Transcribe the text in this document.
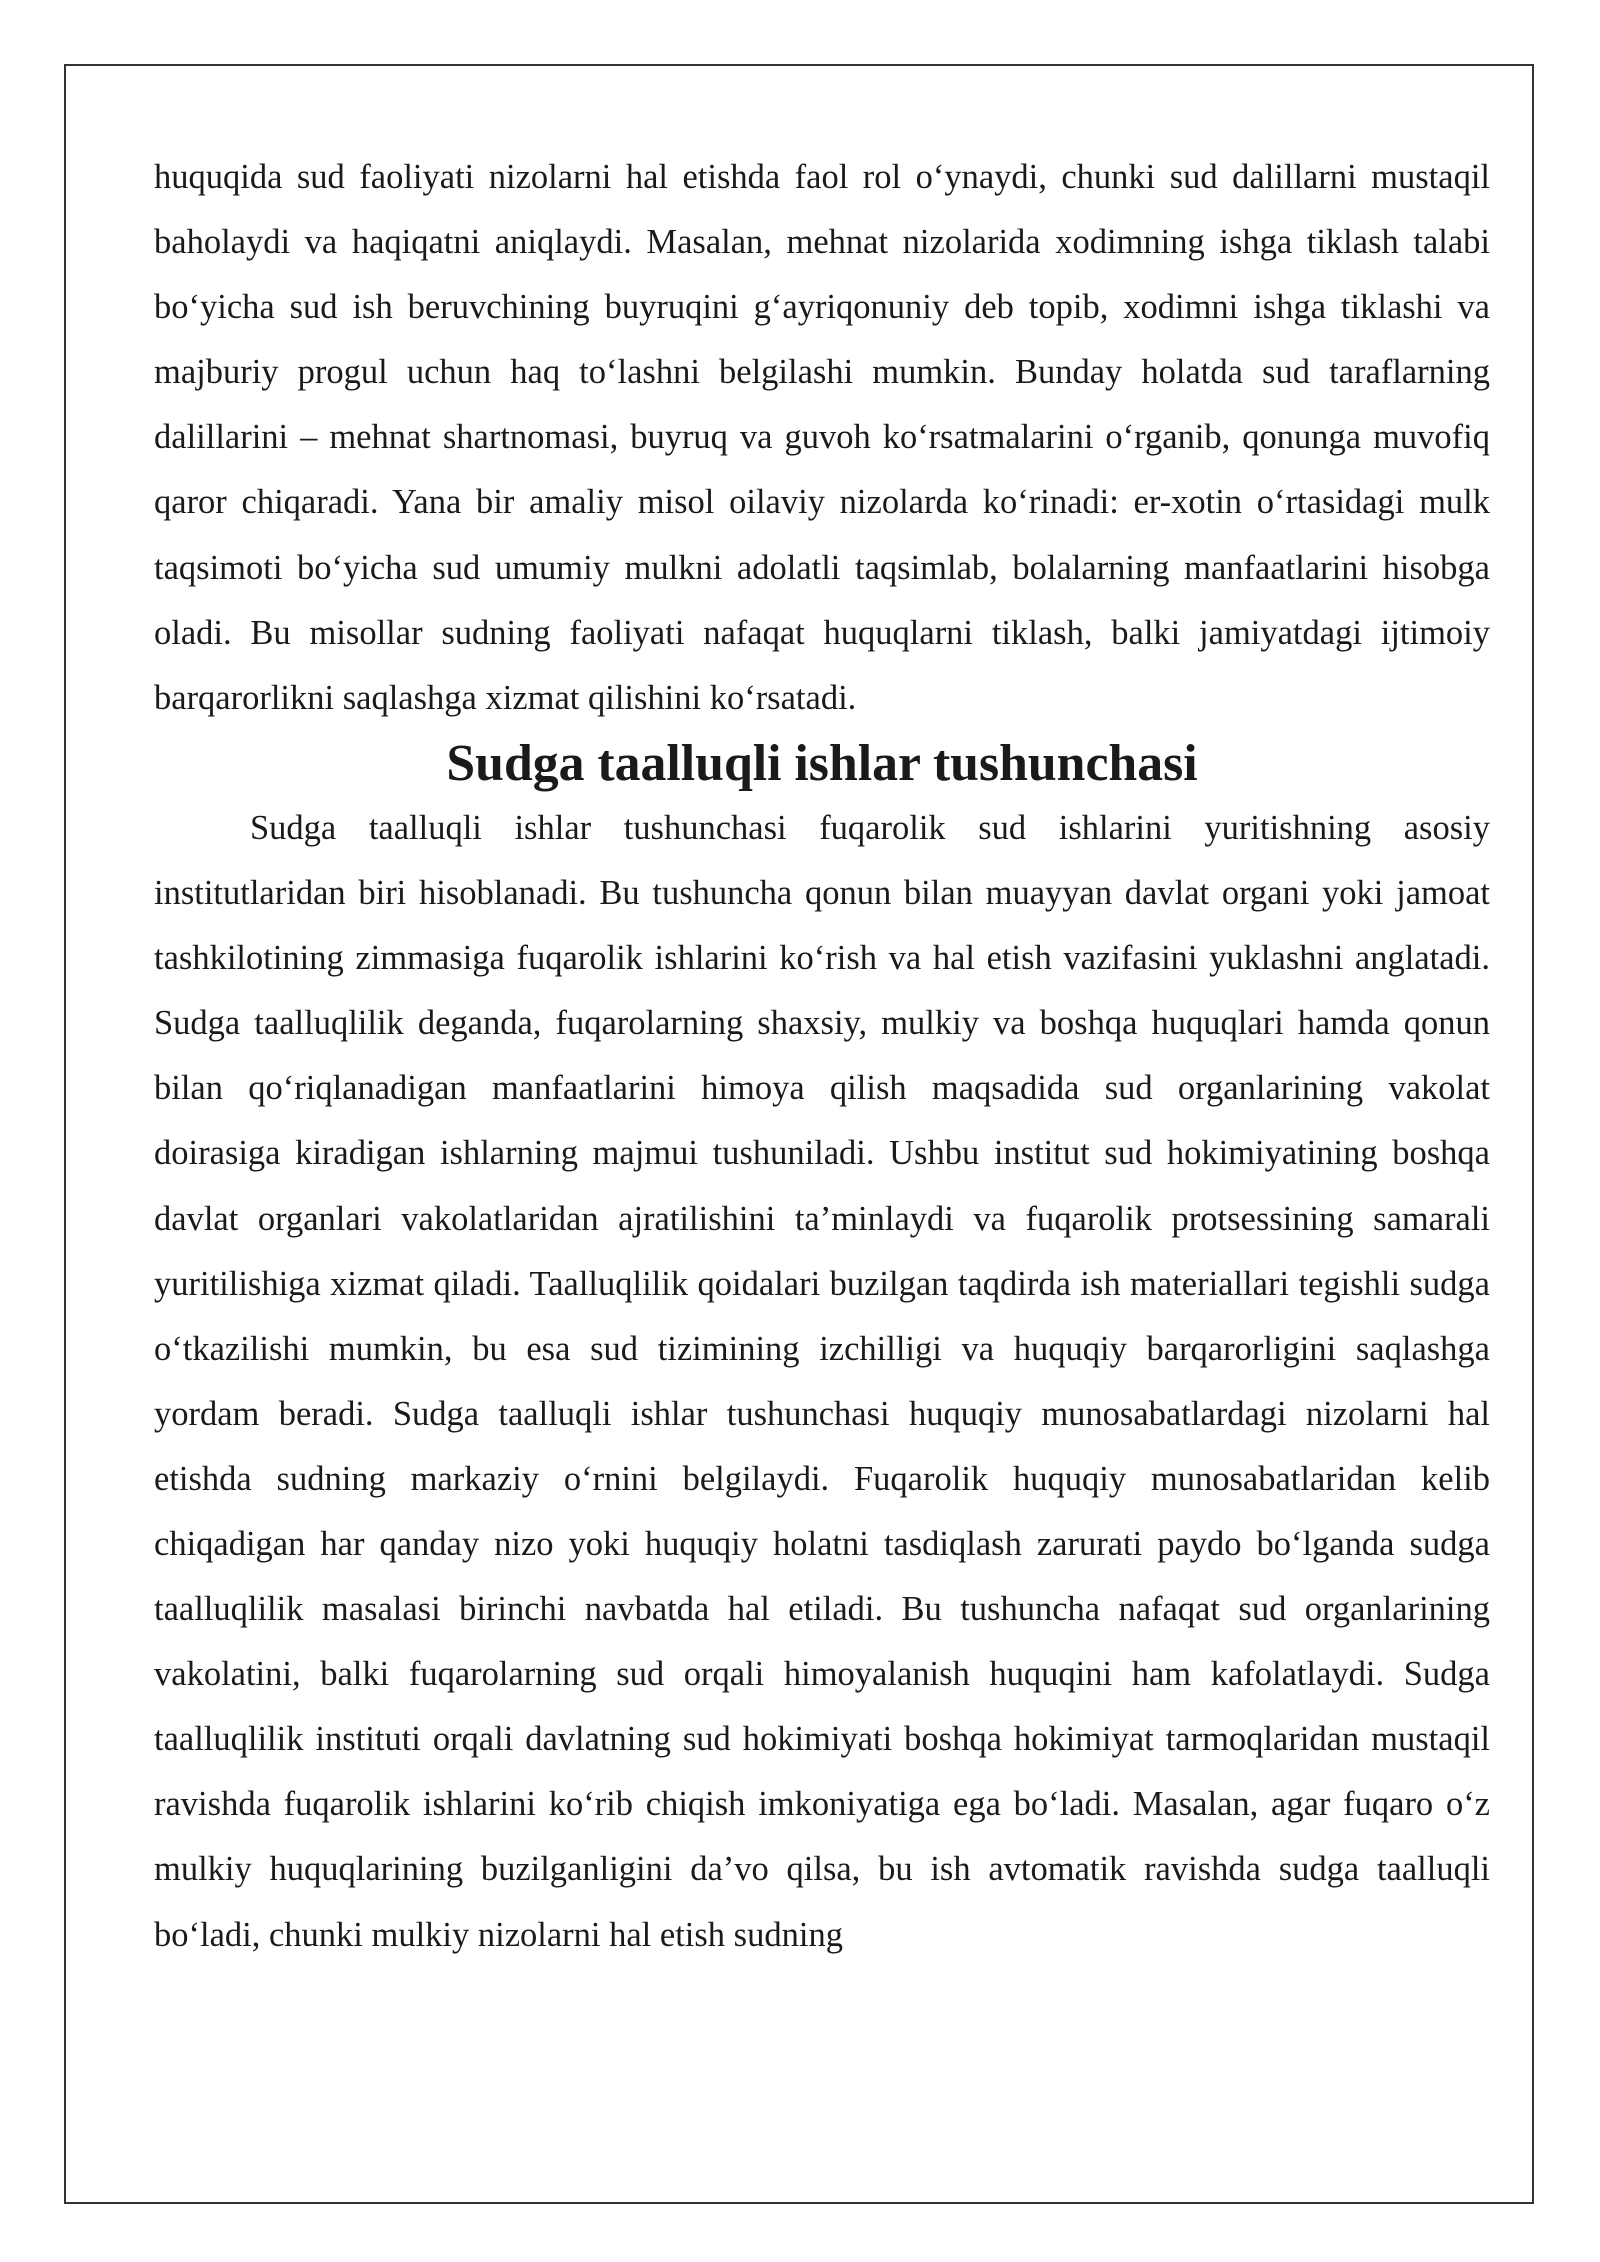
huquqida sud faoliyati nizolarni hal etishda faol rol o‘ynaydi, chunki sud dalillarni mustaqil baholaydi va haqiqatni aniqlaydi. Masalan, mehnat nizolarida xodimning ishga tiklash talabi bo‘yicha sud ish beruvchining buyruqini g‘ayriqonuniy deb topib, xodimni ishga tiklashi va majburiy progul uchun haq to‘lashni belgilashi mumkin. Bunday holatda sud taraflarning dalillarini – mehnat shartnomasi, buyruq va guvoh ko‘rsatmalarini o‘rganib, qonunga muvofiq qaror chiqaradi. Yana bir amaliy misol oilaviy nizolarda ko‘rinadi: er-xotin o‘rtasidagi mulk taqsimoti bo‘yicha sud umumiy mulkni adolatli taqsimlab, bolalarning manfaatlarini hisobga oladi. Bu misollar sudning faoliyati nafaqat huquqlarni tiklash, balki jamiyatdagi ijtimoiy barqarorlikni saqlashga xizmat qilishini ko‘rsatadi.

Sudga taalluqli ishlar tushunchasi

Sudga taalluqli ishlar tushunchasi fuqarolik sud ishlarini yuritishning asosiy institutlaridan biri hisoblanadi. Bu tushuncha qonun bilan muayyan davlat organi yoki jamoat tashkilotining zimmasiga fuqarolik ishlarini ko‘rish va hal etish vazifasini yuklashni anglatadi. Sudga taalluqlilik deganda, fuqarolarning shaxsiy, mulkiy va boshqa huquqlari hamda qonun bilan qo‘riqlanadigan manfaatlarini himoya qilish maqsadida sud organlarining vakolat doirasiga kiradigan ishlarning majmui tushuniladi. Ushbu institut sud hokimiyatining boshqa davlat organlari vakolatlaridan ajratilishini ta’minlaydi va fuqarolik protsessining samarali yuritilishiga xizmat qiladi. Taalluqlilik qoidalari buzilgan taqdirda ish materiallari tegishli sudga o‘tkazilishi mumkin, bu esa sud tizimining izchilligi va huquqiy barqarorligini saqlashga yordam beradi. Sudga taalluqli ishlar tushunchasi huquqiy munosabatlardagi nizolarni hal etishda sudning markaziy o‘rnini belgilaydi. Fuqarolik huquqiy munosabatlaridan kelib chiqadigan har qanday nizo yoki huquqiy holatni tasdiqlash zarurati paydo bo‘lganda sudga taalluqlilik masalasi birinchi navbatda hal etiladi. Bu tushuncha nafaqat sud organlarining vakolatini, balki fuqarolarning sud orqali himoyalanish huquqini ham kafolatlaydi. Sudga taalluqlilik instituti orqali davlatning sud hokimiyati boshqa hokimiyat tarmoqlaridan mustaqil ravishda fuqarolik ishlarini ko‘rib chiqish imkoniyatiga ega bo‘ladi. Masalan, agar fuqaro o‘z mulkiy huquqlarining buzilganligini da’vo qilsa, bu ish avtomatik ravishda sudga taalluqli bo‘ladi, chunki mulkiy nizolarni hal etish sudning
